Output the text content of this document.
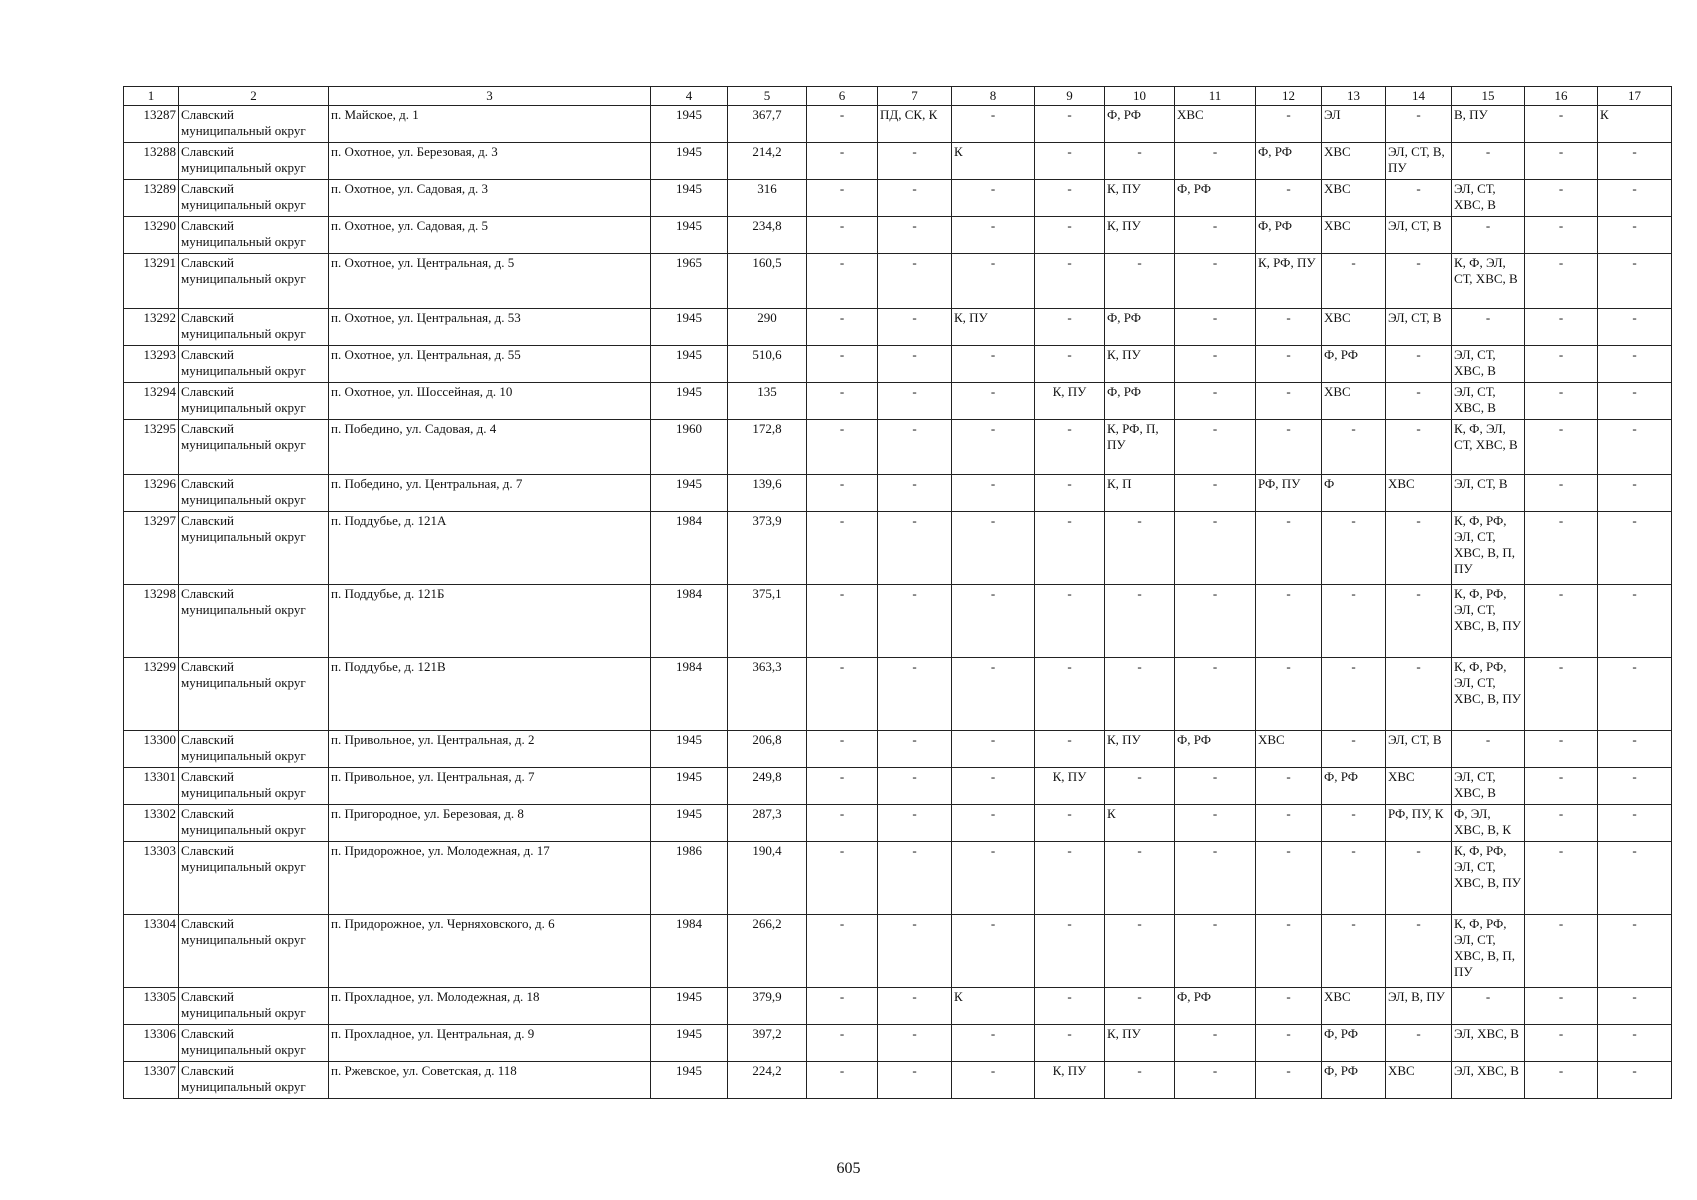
1	2	3	4	5	6	7	8	9	10	11	12	13	14	15	16	17
13287	Славский муниципальный округ	п. Майское, д. 1	1945	367,7	-	ПД, СК, К	-	-	Ф, РФ	ХВС	-	ЭЛ	-	В, ПУ	-	К
13288	Славский муниципальный округ	п. Охотное, ул. Березовая, д. 3	1945	214,2	-	-	К	-	-	-	Ф, РФ	ХВС	ЭЛ, СТ, В, ПУ	-	-	-
13289	Славский муниципальный округ	п. Охотное, ул. Садовая, д. 3	1945	316	-	-	-	-	К, ПУ	Ф, РФ	-	ХВС	-	ЭЛ, СТ, ХВС, В	-	-
13290	Славский муниципальный округ	п. Охотное, ул. Садовая, д. 5	1945	234,8	-	-	-	-	К, ПУ	-	Ф, РФ	ХВС	ЭЛ, СТ, В	-	-	-
13291	Славский муниципальный округ	п. Охотное, ул. Центральная, д. 5	1965	160,5	-	-	-	-	-	-	К, РФ, ПУ	-	-	К, Ф, ЭЛ, СТ, ХВС, В	-	-
13292	Славский муниципальный округ	п. Охотное, ул. Центральная, д. 53	1945	290	-	-	К, ПУ	-	Ф, РФ	-	-	ХВС	ЭЛ, СТ, В	-	-	-
13293	Славский муниципальный округ	п. Охотное, ул. Центральная, д. 55	1945	510,6	-	-	-	-	К, ПУ	-	-	Ф, РФ	-	ЭЛ, СТ, ХВС, В	-	-
13294	Славский муниципальный округ	п. Охотное, ул. Шоссейная, д. 10	1945	135	-	-	-	К, ПУ	Ф, РФ	-	-	ХВС	-	ЭЛ, СТ, ХВС, В	-	-
13295	Славский муниципальный округ	п. Победино, ул. Садовая, д. 4	1960	172,8	-	-	-	-	К, РФ, П, ПУ	-	-	-	-	К, Ф, ЭЛ, СТ, ХВС, В	-	-
13296	Славский муниципальный округ	п. Победино, ул. Центральная, д. 7	1945	139,6	-	-	-	-	К, П	-	РФ, ПУ	Ф	ХВС	ЭЛ, СТ, В	-	-
13297	Славский муниципальный округ	п. Поддубье, д. 121А	1984	373,9	-	-	-	-	-	-	-	-	-	К, Ф, РФ, ЭЛ, СТ, ХВС, В, П, ПУ	-	-
13298	Славский муниципальный округ	п. Поддубье, д. 121Б	1984	375,1	-	-	-	-	-	-	-	-	-	К, Ф, РФ, ЭЛ, СТ, ХВС, В, ПУ	-	-
13299	Славский муниципальный округ	п. Поддубье, д. 121В	1984	363,3	-	-	-	-	-	-	-	-	-	К, Ф, РФ, ЭЛ, СТ, ХВС, В, ПУ	-	-
13300	Славский муниципальный округ	п. Привольное, ул. Центральная, д. 2	1945	206,8	-	-	-	-	К, ПУ	Ф, РФ	ХВС	-	ЭЛ, СТ, В	-	-	-
13301	Славский муниципальный округ	п. Привольное, ул. Центральная, д. 7	1945	249,8	-	-	-	К, ПУ	-	-	-	Ф, РФ	ХВС	ЭЛ, СТ, ХВС, В	-	-
13302	Славский муниципальный округ	п. Пригородное, ул. Березовая, д. 8	1945	287,3	-	-	-	-	К	-	-	-	РФ, ПУ, К	Ф, ЭЛ, ХВС, В, К	-	-
13303	Славский муниципальный округ	п. Придорожное, ул. Молодежная, д. 17	1986	190,4	-	-	-	-	-	-	-	-	-	К, Ф, РФ, ЭЛ, СТ, ХВС, В, ПУ	-	-
13304	Славский муниципальный округ	п. Придорожное, ул. Черняховского, д. 6	1984	266,2	-	-	-	-	-	-	-	-	-	К, Ф, РФ, ЭЛ, СТ, ХВС, В, П, ПУ	-	-
13305	Славский муниципальный округ	п. Прохладное, ул. Молодежная, д. 18	1945	379,9	-	-	К	-	-	Ф, РФ	-	ХВС	ЭЛ, В, ПУ	-	-	-
13306	Славский муниципальный округ	п. Прохладное, ул. Центральная, д. 9	1945	397,2	-	-	-	-	К, ПУ	-	-	Ф, РФ	-	ЭЛ, ХВС, В	-	-
13307	Славский муниципальный округ	п. Ржевское, ул. Советская, д. 118	1945	224,2	-	-	-	К, ПУ	-	-	-	Ф, РФ	ХВС	ЭЛ, ХВС, В	-	-
605
